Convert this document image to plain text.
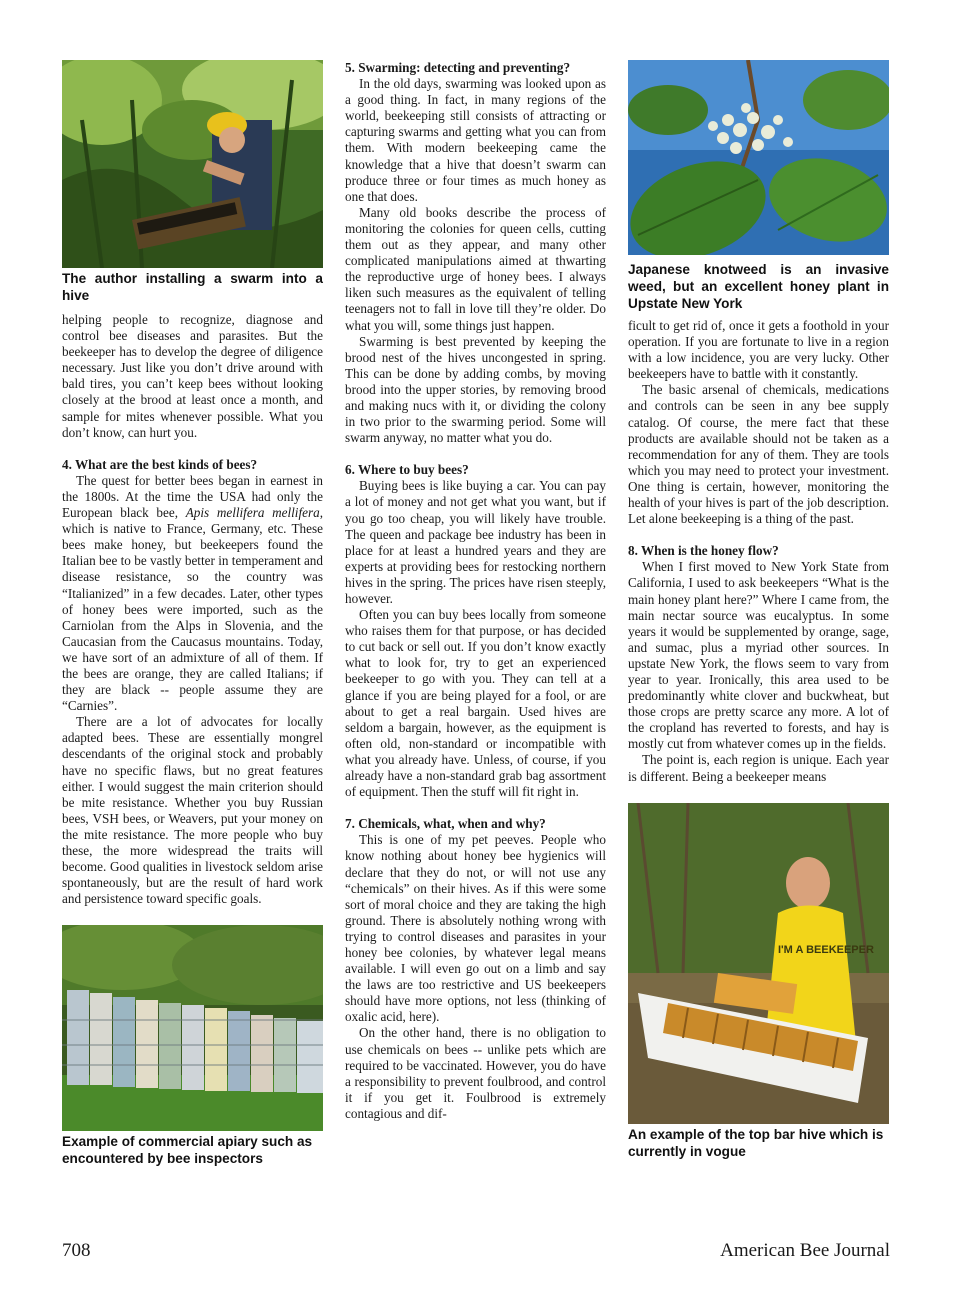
The author installing a swarm into a hive

helping people to recognize, diagnose and control bee diseases and parasites. But the beekeeper has to develop the degree of diligence necessary. Just like you don’t drive around with bald tires, you can’t keep bees without looking closely at the brood at least once a month, and sample for mites whenever possible. What you don’t know, can hurt you.

4. What are the best kinds of bees?

The quest for better bees began in earnest in the 1800s. At the time the USA had only the European black bee, Apis mellifera mellifera, which is native to France, Germany, etc. These bees make honey, but beekeepers found the Italian bee to be vastly better in temperament and disease resistance, so the country was “Italianized” in a few decades. Later, other types of honey bees were imported, such as the Carniolan from the Alps in Slovenia, and the Caucasian from the Caucasus mountains. Today, we have sort of an admixture of all of them. If the bees are orange, they are called Italians; if they are black -- people assume they are “Carnies”.

There are a lot of advocates for locally adapted bees. These are essentially mongrel descendants of the original stock and probably have no specific flaws, but no great features either. I would suggest the main criterion should be mite resistance. Whether you buy Russian bees, VSH bees, or Weavers, put your money on the mite resistance. The more people who buy these, the more widespread the traits will become. Good qualities in livestock seldom arise spontaneously, but are the result of hard work and persistence toward specific goals.

Example of commercial apiary such as encountered by bee inspectors
5. Swarming: detecting and preventing?

In the old days, swarming was looked upon as a good thing. In fact, in many regions of the world, beekeeping still consists of attracting or capturing swarms and getting what you can from them. With modern beekeeping came the knowledge that a hive that doesn’t swarm can produce three or four times as much honey as one that does.

Many old books describe the process of monitoring the colonies for queen cells, cutting them out as they appear, and many other complicated manipulations aimed at thwarting the reproductive urge of honey bees. I always liken such measures as the equivalent of telling teenagers not to fall in love till they’re older. Do what you will, some things just happen.

Swarming is best prevented by keeping the brood nest of the hives uncongested in spring. This can be done by adding combs, by moving brood into the upper stories, by removing brood and making nucs with it, or dividing the colony in two prior to the swarming period. Some will swarm anyway, no matter what you do.

6. Where to buy bees?

Buying bees is like buying a car. You can pay a lot of money and not get what you want, but if you go too cheap, you will likely have trouble. The queen and package bee industry has been in place for at least a hundred years and they are experts at providing bees for restocking northern hives in the spring. The prices have risen steeply, however.

Often you can buy bees locally from someone who raises them for that purpose, or has decided to cut back or sell out. If you don’t know exactly what to look for, try to get an experienced beekeeper to go with you. They can tell at a glance if you are being played for a fool, or are about to get a real bargain. Used hives are seldom a bargain, however, as the equipment is often old, non-standard or incompatible with what you already have. Unless, of course, if you already have a non-standard grab bag assortment of equipment. Then the stuff will fit right in.

7. Chemicals, what, when and why?

This is one of my pet peeves. People who know nothing about honey bee hygienics will declare that they do not, or will not use any “chemicals” on their hives. As if this were some sort of moral choice and they are taking the high ground. There is absolutely nothing wrong with trying to control diseases and parasites in your honey bee colonies, by whatever legal means available. I will even go out on a limb and say the laws are too restrictive and US beekeepers should have more options, not less (thinking of oxalic acid, here).

On the other hand, there is no obligation to use chemicals on bees -- unlike pets which are required to be vaccinated. However, you do have a responsibility to prevent foulbrood, and control it if you get it. Foulbrood is extremely contagious and dif-

Japanese knotweed is an invasive weed, but an excellent honey plant in Upstate New York

ficult to get rid of, once it gets a foothold in your operation. If you are fortunate to live in a region with a low incidence, you are very lucky. Other beekeepers have to battle with it constantly.

The basic arsenal of chemicals, medications and controls can be seen in any bee supply catalog. Of course, the mere fact that these products are available should not be taken as a recommendation for any of them. They are tools which you may need to protect your investment. One thing is certain, however, monitoring the health of your hives is part of the job description. Let alone beekeeping is a thing of the past.

8. When is the honey flow?

When I first moved to New York State from California, I used to ask beekeepers “What is the main honey plant here?” Where I came from, the main nectar source was eucalyptus. In some years it would be supplemented by orange, sage, and sumac, plus a myriad other sources. In upstate New York, the flows seem to vary from year to year. Ironically, this area used to be predominantly white clover and buckwheat, but those crops are pretty scarce any more. A lot of the cropland has reverted to forests, and hay is mostly cut from whatever comes up in the fields.

The point is, each region is unique. Each year is different. Being a beekeeper means

I'M A BEEKEEPER
An example of the top bar hive which is currently in vogue
708	American Bee Journal
